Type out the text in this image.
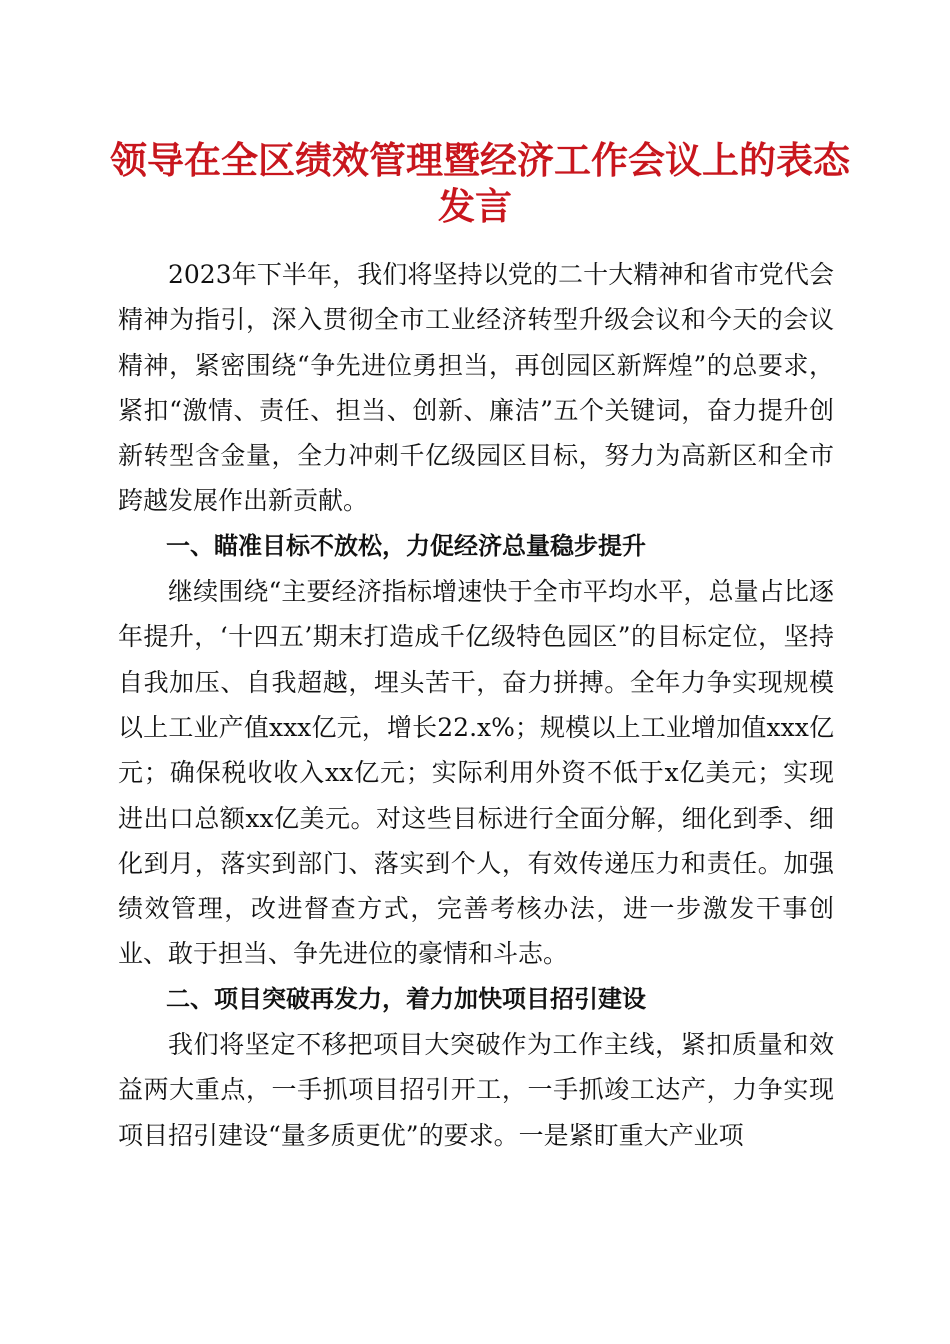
领导在全区绩效管理暨经济工作会议上的表态
发言

2023年下半年，我们将坚持以党的二十大精神和省市党代会精神为指引，深入贯彻全市工业经济转型升级会议和今天的会议精神，紧密围绕“争先进位勇担当，再创园区新辉煌”的总要求，紧扣“激情、责任、担当、创新、廉洁”五个关键词，奋力提升创新转型含金量，全力冲刺千亿级园区目标，努力为高新区和全市跨越发展作出新贡献。

一、瞄准目标不放松，力促经济总量稳步提升

继续围绕“主要经济指标增速快于全市平均水平，总量占比逐年提升，‘十四五’期末打造成千亿级特色园区”的目标定位，坚持自我加压、自我超越，埋头苦干，奋力拼搏。全年力争实现规模以上工业产值xxx亿元，增长22.x%；规模以上工业增加值xxx亿元；确保税收收入xx亿元；实际利用外资不低于x亿美元；实现进出口总额xx亿美元。对这些目标进行全面分解，细化到季、细化到月，落实到部门、落实到个人，有效传递压力和责任。加强绩效管理，改进督查方式，完善考核办法，进一步激发干事创业、敢于担当、争先进位的豪情和斗志。

二、项目突破再发力，着力加快项目招引建设

我们将坚定不移把项目大突破作为工作主线，紧扣质量和效益两大重点，一手抓项目招引开工，一手抓竣工达产，力争实现项目招引建设“量多质更优”的要求。一是紧盯重大产业项
